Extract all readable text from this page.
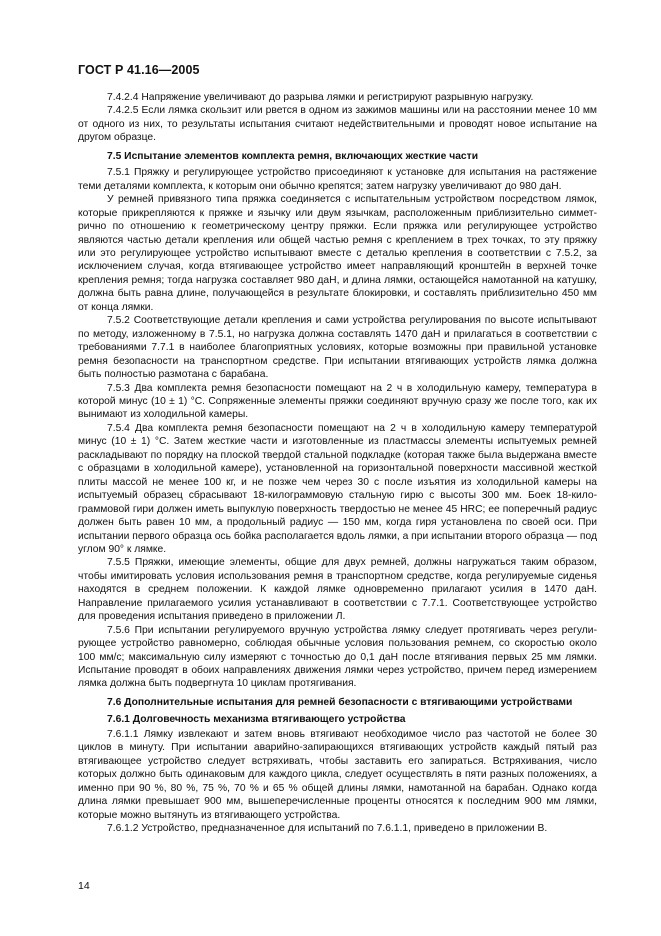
ГОСТ Р 41.16—2005

7.4.2.4 Напряжение увеличивают до разрыва лямки и регистрируют разрывную нагрузку.

7.4.2.5 Если лямка скользит или рвется в одном из зажимов машины или на расстоянии менее 10 мм от одного из них, то результаты испытания считают недействительными и проводят новое испытание на другом образце.

7.5 Испытание элементов комплекта ремня, включающих жесткие части

7.5.1 Пряжку и регулирующее устройство присоединяют к установке для испытания на растяжение теми деталями комплекта, к которым они обычно крепятся; затем нагрузку увеличивают до 980 даН.

У ремней привязного типа пряжка соединяется с испытательным устройством посредством лямок, которые прикрепляются к пряжке и язычку или двум язычкам, расположенным приблизительно симметрично по отношению к геометрическому центру пряжки. Если пряжка или регулирующее устройство являются частью детали крепления или общей частью ремня с креплением в трех точках, то эту пряжку или это регулирующее устройство испытывают вместе с деталью крепления в соответствии с 7.5.2, за исключением случая, когда втягивающее устройство имеет направляющий кронштейн в верхней точке крепления ремня; тогда нагрузка составляет 980 даН, и длина лямки, остающейся намотанной на катушку, должна быть равна длине, получающейся в результате блокировки, и составлять приблизительно 450 мм от конца лямки.

7.5.2 Соответствующие детали крепления и сами устройства регулирования по высоте испытывают по методу, изложенному в 7.5.1, но нагрузка должна составлять 1470 даН и прилагаться в соответствии с требованиями 7.7.1 в наиболее благоприятных условиях, которые возможны при правильной установке ремня безопасности на транспортном средстве. При испытании втягивающих устройств лямка должна быть полностью размотана с барабана.

7.5.3 Два комплекта ремня безопасности помещают на 2 ч в холодильную камеру, температура в которой минус (10 ± 1) °С. Сопряженные элементы пряжки соединяют вручную сразу же после того, как их вынимают из холодильной камеры.

7.5.4 Два комплекта ремня безопасности помещают на 2 ч в холодильную камеру температурой минус (10 ± 1) °С. Затем жесткие части и изготовленные из пластмассы элементы испытуемых ремней раскладывают по порядку на плоской твердой стальной подкладке (которая также была выдержана вместе с образцами в холодильной камере), установленной на горизонтальной поверхности массивной жесткой плиты массой не менее 100 кг, и не позже чем через 30 с после изъятия из холодильной камеры на испытуемый образец сбрасывают 18-килограммовую стальную гирю с высоты 300 мм. Боек 18-килограммовой гири должен иметь выпуклую поверхность твердостью не менее 45 HRC; ее поперечный радиус должен быть равен 10 мм, а продольный радиус — 150 мм, когда гиря установлена по своей оси. При испытании первого образца ось бойка располагается вдоль лямки, а при испытании второго образца — под углом 90° к лямке.

7.5.5 Пряжки, имеющие элементы, общие для двух ремней, должны нагружаться таким образом, чтобы имитировать условия использования ремня в транспортном средстве, когда регулируемые сиденья находятся в среднем положении. К каждой лямке одновременно прилагают усилия в 1470 даН. Направление прилагаемого усилия устанавливают в соответствии с 7.7.1. Соответствующее устройство для проведения испытания приведено в приложении Л.

7.5.6 При испытании регулируемого вручную устройства лямку следует протягивать через регулирующее устройство равномерно, соблюдая обычные условия пользования ремнем, со скоростью около 100 мм/с; максимальную силу измеряют с точностью до 0,1 даН после втягивания первых 25 мм лямки. Испытание проводят в обоих направлениях движения лямки через устройство, причем перед измерением лямка должна быть подвергнута 10 циклам протягивания.

7.6 Дополнительные испытания для ремней безопасности с втягивающими устройствами

7.6.1 Долговечность механизма втягивающего устройства

7.6.1.1 Лямку извлекают и затем вновь втягивают необходимое число раз частотой не более 30 циклов в минуту. При испытании аварийно-запирающихся втягивающих устройств каждый пятый раз втягивающее устройство следует встряхивать, чтобы заставить его запираться. Встряхивания, число которых должно быть одинаковым для каждого цикла, следует осуществлять в пяти разных положениях, а именно при 90 %, 80 %, 75 %, 70 % и 65 % общей длины лямки, намотанной на барабан. Однако когда длина лямки превышает 900 мм, вышеперечисленные проценты относятся к последним 900 мм лямки, которые можно вытянуть из втягивающего устройства.

7.6.1.2 Устройство, предназначенное для испытаний по 7.6.1.1, приведено в приложении В.

14
